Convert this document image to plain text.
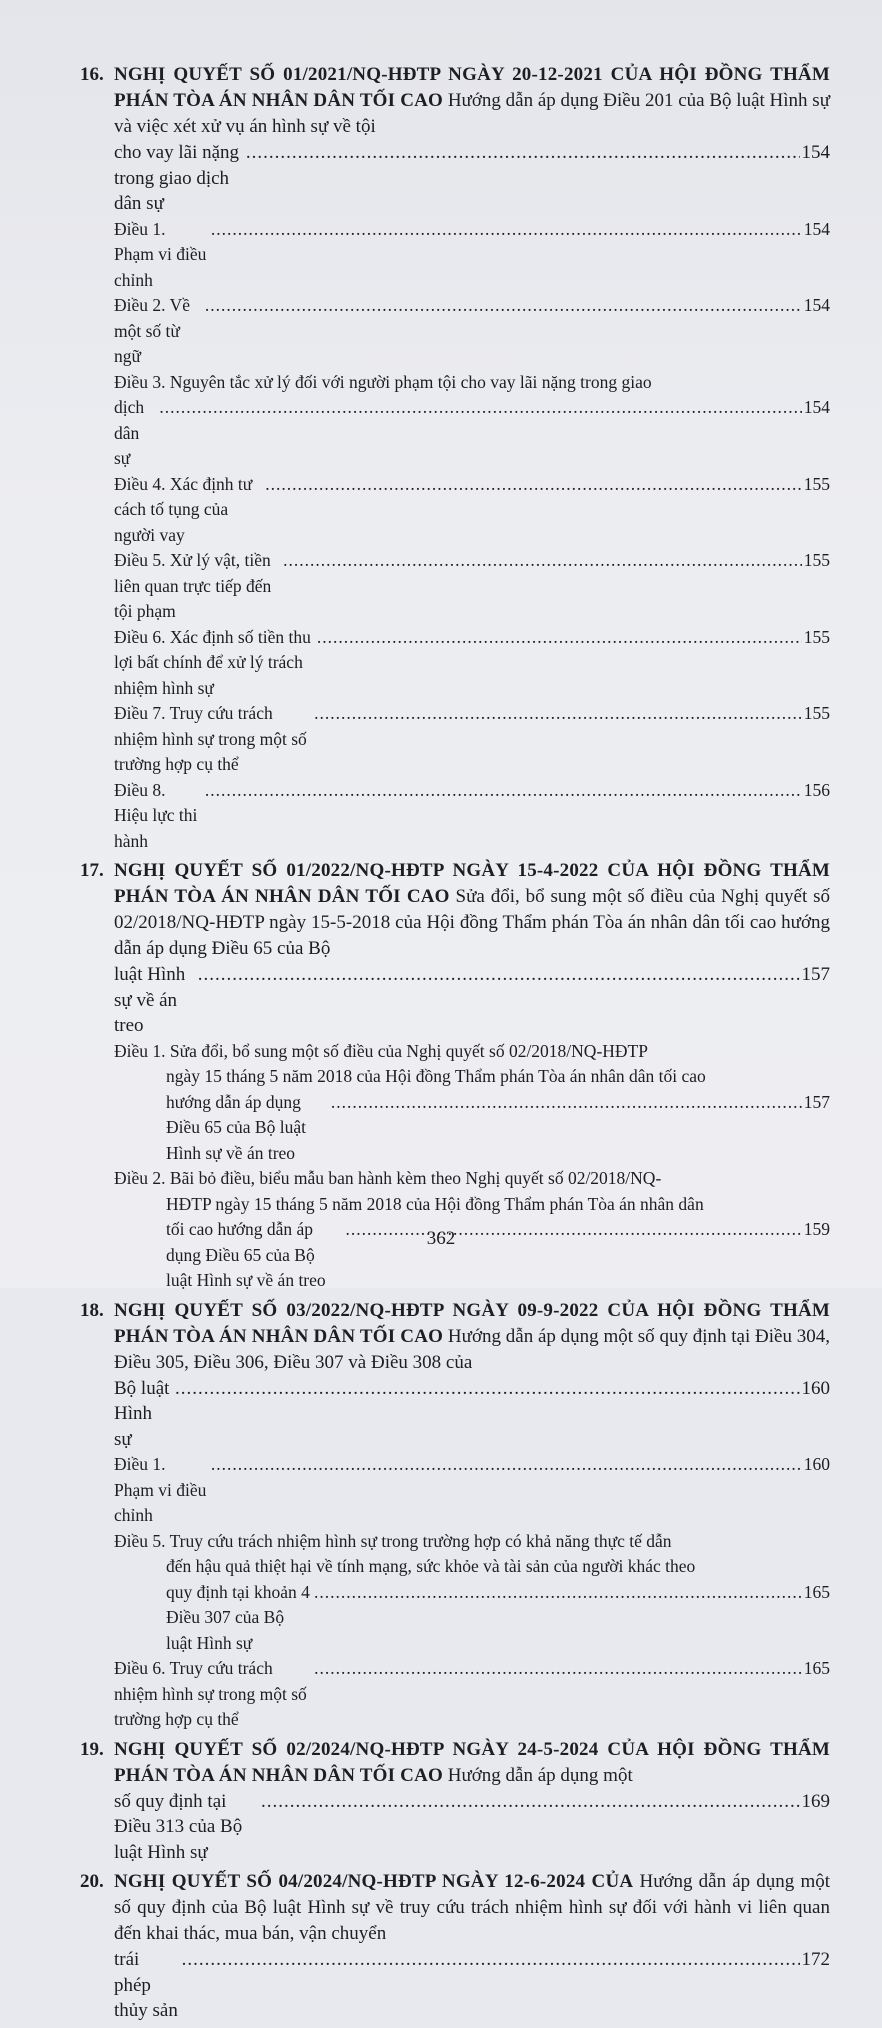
16. NGHỊ QUYẾT SỐ 01/2021/NQ-HĐTP NGÀY 20-12-2021 CỦA HỘI ĐỒNG THẨM PHÁN TÒA ÁN NHÂN DÂN TỐI CAO Hướng dẫn áp dụng Điều 201 của Bộ luật Hình sự và việc xét xử vụ án hình sự về tội
cho vay lãi nặng trong giao dịch dân sự
.....
154
Điều 1. Phạm vi điều chỉnh
.....
154
Điều 2. Về một số từ ngữ
.....
154
Điều 3. Nguyên tắc xử lý đối với người phạm tội cho vay lãi nặng trong giao
dịch dân sự
.....
154
Điều 4. Xác định tư cách tố tụng của người vay
.....
155
Điều 5. Xử lý vật, tiền liên quan trực tiếp đến tội phạm
.....
155
Điều 6. Xác định số tiền thu lợi bất chính để xử lý trách nhiệm hình sự
.....
155
Điều 7. Truy cứu trách nhiệm hình sự trong một số trường hợp cụ thể
.....
155
Điều 8. Hiệu lực thi hành
.....
156
17. NGHỊ QUYẾT SỐ 01/2022/NQ-HĐTP NGÀY 15-4-2022 CỦA HỘI ĐỒNG THẨM PHÁN TÒA ÁN NHÂN DÂN TỐI CAO Sửa đổi, bổ sung một số điều của Nghị quyết số 02/2018/NQ-HĐTP ngày 15-5-2018 của Hội đồng Thẩm phán Tòa án nhân dân tối cao hướng dẫn áp dụng Điều 65 của Bộ
luật Hình sự về án treo
.....
157
Điều 1. Sửa đổi, bổ sung một số điều của Nghị quyết số 02/2018/NQ-HĐTP
ngày 15 tháng 5 năm 2018 của Hội đồng Thẩm phán Tòa án nhân dân tối cao
hướng dẫn áp dụng Điều 65 của Bộ luật Hình sự về án treo
.....
157
Điều 2. Bãi bỏ điều, biểu mẫu ban hành kèm theo Nghị quyết số 02/2018/NQ-
HĐTP ngày 15 tháng 5 năm 2018 của Hội đồng Thẩm phán Tòa án nhân dân
tối cao hướng dẫn áp dụng Điều 65 của Bộ luật Hình sự về án treo
.....
159
18. NGHỊ QUYẾT SỐ 03/2022/NQ-HĐTP NGÀY 09-9-2022 CỦA HỘI ĐỒNG THẨM PHÁN TÒA ÁN NHÂN DÂN TỐI CAO Hướng dẫn áp dụng một số quy định tại Điều 304, Điều 305, Điều 306, Điều 307 và Điều 308 của
Bộ luật Hình sự
.....
160
Điều 1. Phạm vi điều chỉnh
.....
160
Điều 5. Truy cứu trách nhiệm hình sự trong trường hợp có khả năng thực tế dẫn
đến hậu quả thiệt hại về tính mạng, sức khỏe và tài sản của người khác theo
quy định tại khoản 4 Điều 307 của Bộ luật Hình sự
.....
165
Điều 6. Truy cứu trách nhiệm hình sự trong một số trường hợp cụ thể
.....
165
19. NGHỊ QUYẾT SỐ 02/2024/NQ-HĐTP NGÀY 24-5-2024 CỦA HỘI ĐỒNG THẨM PHÁN TÒA ÁN NHÂN DÂN TỐI CAO Hướng dẫn áp dụng một
số quy định tại Điều 313 của Bộ luật Hình sự
.....
169
20. NGHỊ QUYẾT SỐ 04/2024/NQ-HĐTP NGÀY 12-6-2024 CỦA Hướng dẫn áp dụng một số quy định của Bộ luật Hình sự về truy cứu trách nhiệm hình sự đối với hành vi liên quan đến khai thác, mua bán, vận chuyển
trái phép thủy sản
.....
172
362
